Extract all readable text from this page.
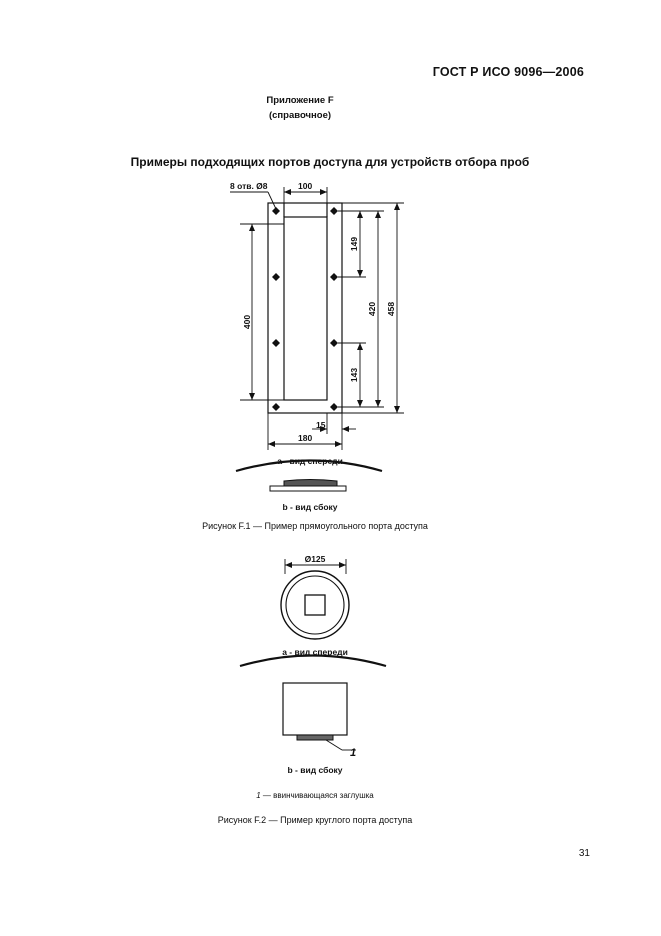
ГОСТ Р ИСО 9096—2006
Приложение F
(справочное)
Примеры подходящих портов доступа для устройств отбора проб
8 отв. Ø8	100
400
149
143
420 458
15
180
a - вид спереди
b - вид сбоку
Ø125
a - вид спереди
1
b - вид сбоку
Рисунок F.1 — Пример прямоугольного порта доступа
1 — ввинчивающаяся заглушка
Рисунок F.2 — Пример круглого порта доступа
31
